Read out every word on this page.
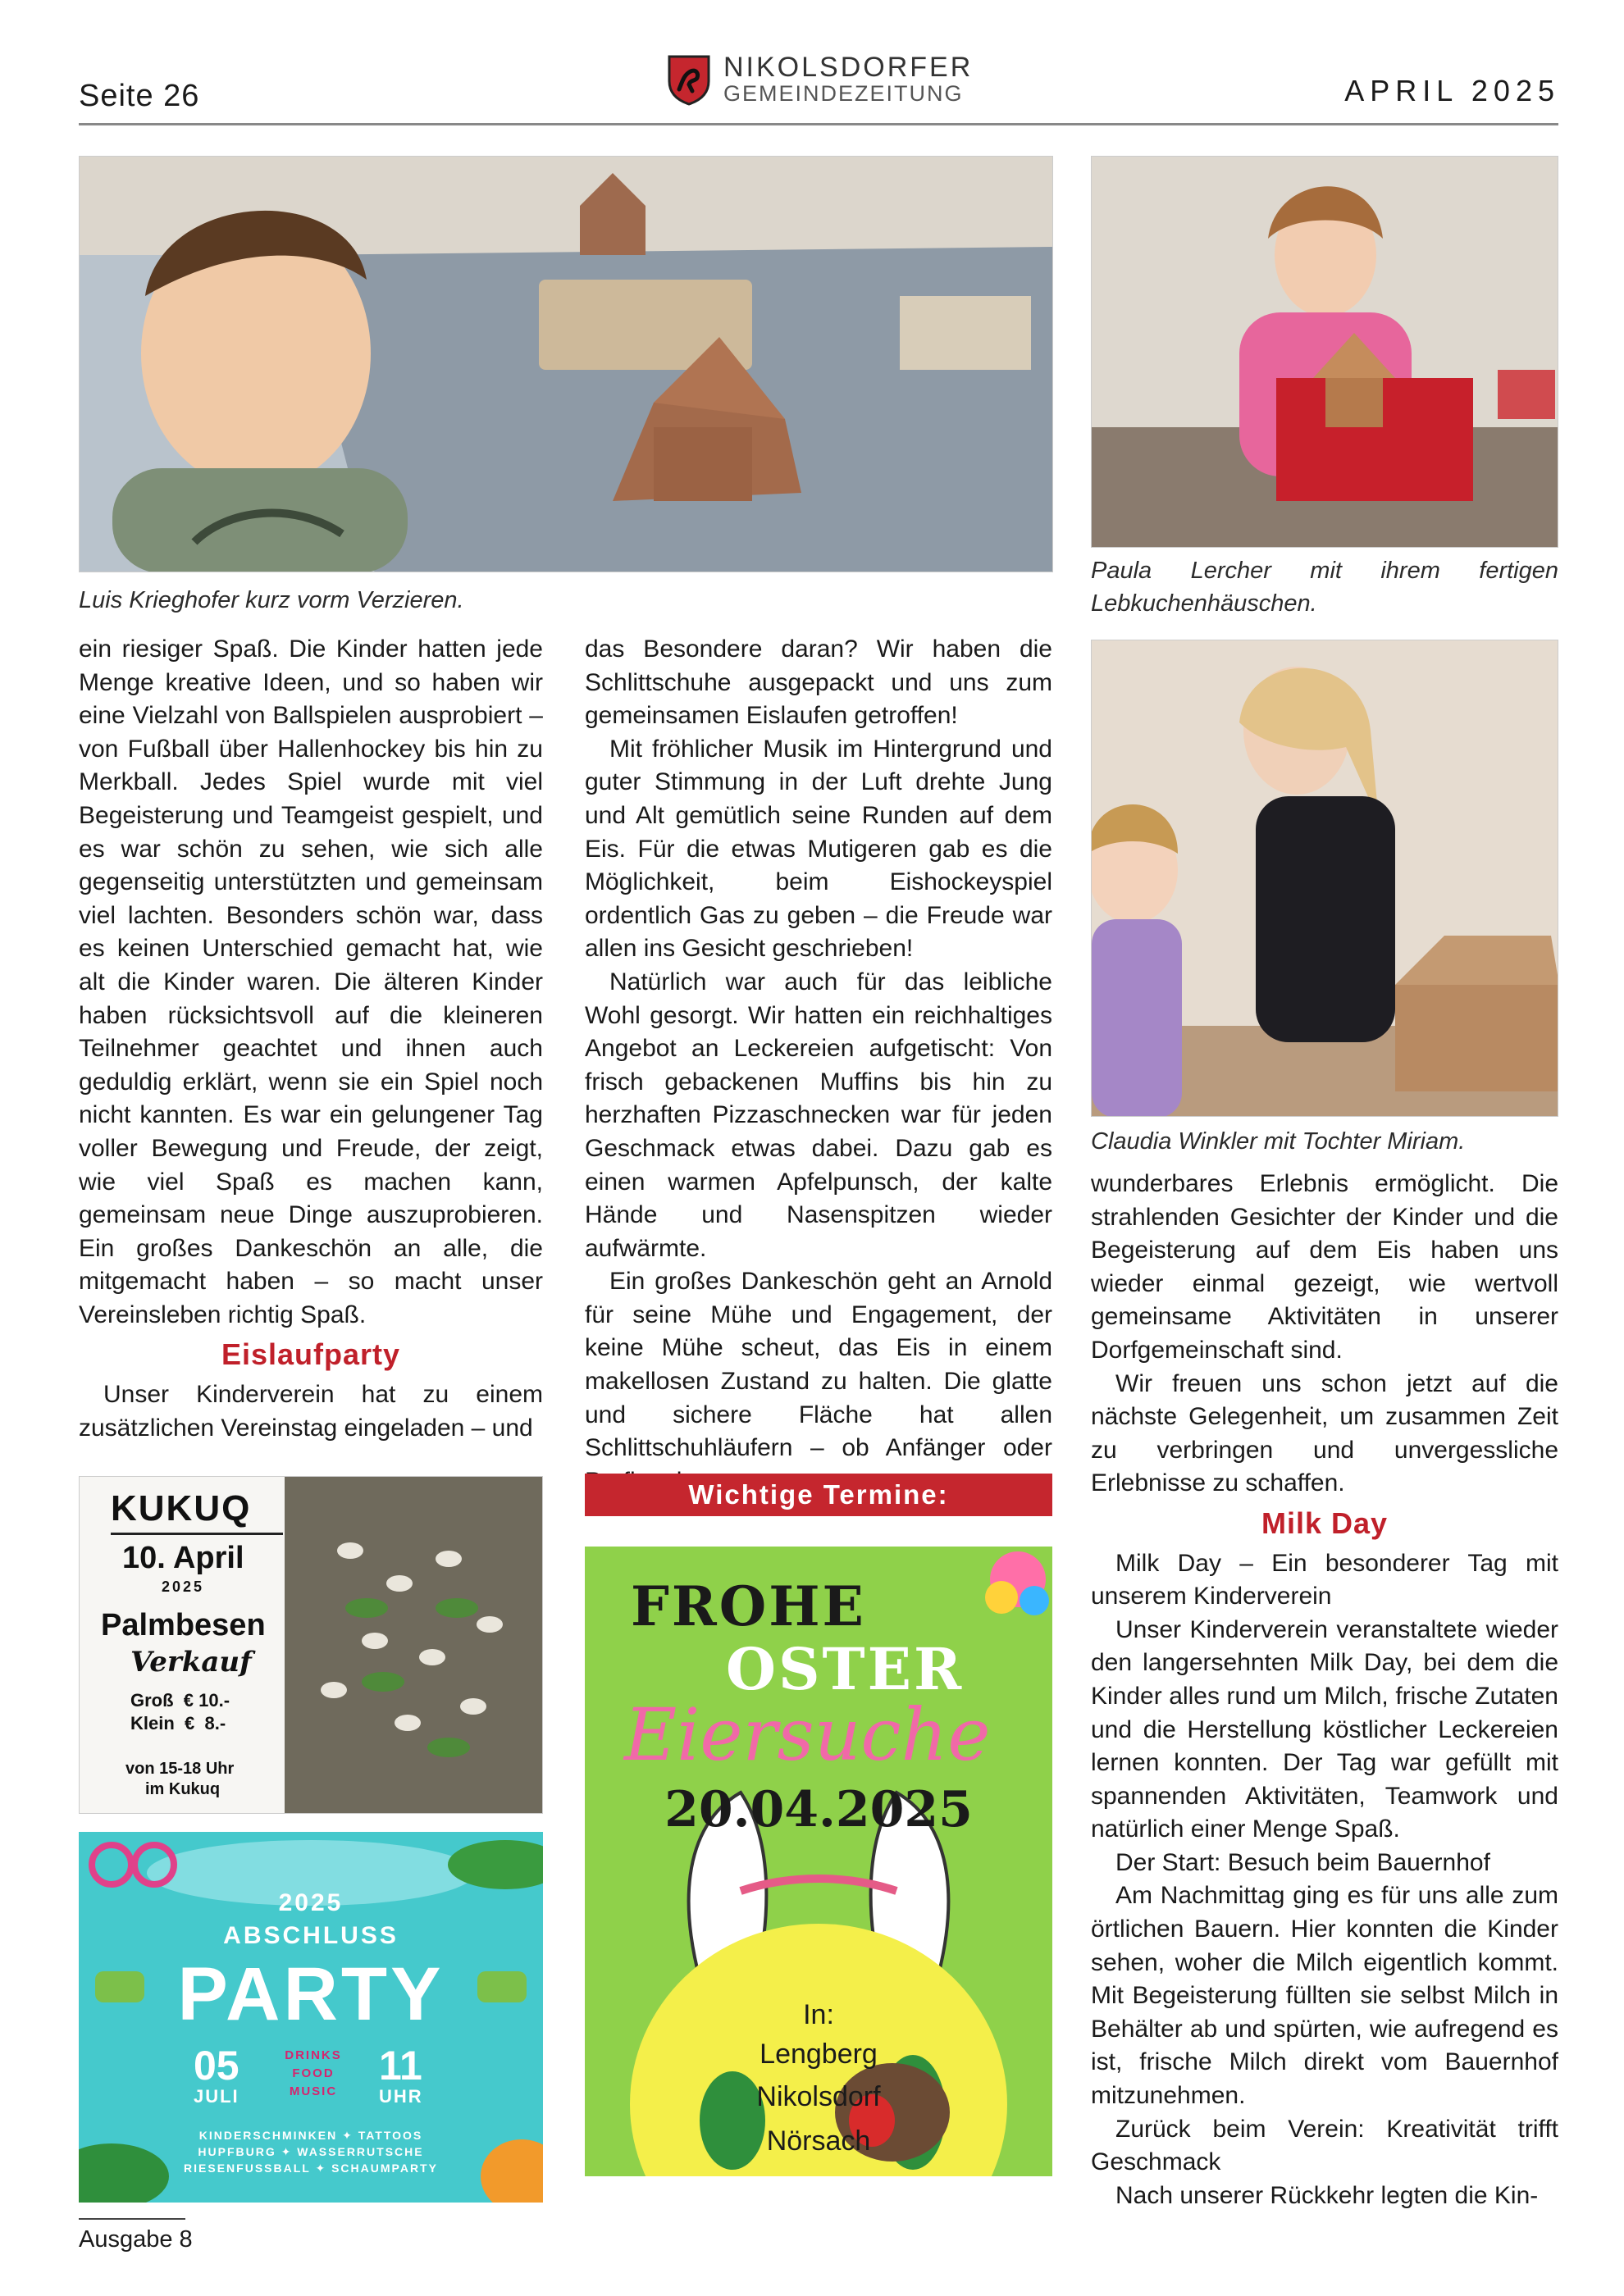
Seite 26
NIKOLSDORFER
GEMEINDEZEITUNG	APRIL 2025
Luis Krieghofer kurz vorm Verzieren.
Paula Lercher mit ihrem fertigen Lebkuchenhäuschen.
Claudia Winkler mit Tochter Miriam.

ein riesiger Spaß. Die Kinder hatten jede Menge kreative Ideen, und so haben wir eine Vielzahl von Ballspielen ausprobiert – von Fußball über Hallenhockey bis hin zu Merkball. Jedes Spiel wurde mit viel Begeisterung und Teamgeist gespielt, und es war schön zu sehen, wie sich alle gegenseitig unterstützten und gemeinsam viel lachten. Besonders schön war, dass es keinen Unterschied gemacht hat, wie alt die Kinder waren. Die älteren Kinder haben rücksichtsvoll auf die kleineren Teilnehmer geachtet und ihnen auch geduldig erklärt, wenn sie ein Spiel noch nicht kannten. Es war ein gelungener Tag voller Bewegung und Freude, der zeigt, wie viel Spaß es machen kann, gemeinsam neue Dinge auszuprobieren. Ein großes Dankeschön an alle, die mitgemacht haben – so macht unser Vereinsleben richtig Spaß.

Eislaufparty

Unser Kinderverein hat zu einem zusätzlichen Vereinstag eingeladen – und

das Besondere daran? Wir haben die Schlittschuhe ausgepackt und uns zum gemeinsamen Eislaufen getroffen!

Mit fröhlicher Musik im Hintergrund und guter Stimmung in der Luft drehte Jung und Alt gemütlich seine Runden auf dem Eis. Für die etwas Mutigeren gab es die Möglichkeit, beim Eishockeyspiel ordentlich Gas zu geben – die Freude war allen ins Gesicht geschrieben!

Natürlich war auch für das leibliche Wohl gesorgt. Wir hatten ein reichhaltiges Angebot an Leckereien aufgetischt: Von frisch gebackenen Muffins bis hin zu herzhaften Pizzaschnecken war für jeden Geschmack etwas dabei. Dazu gab es einen warmen Apfelpunsch, der kalte Hände und Nasenspitzen wieder aufwärmte.

Ein großes Dankeschön geht an Arnold für seine Mühe und Engagement, der keine Mühe scheut, das Eis in einem makellosen Zustand zu halten. Die glatte und sichere Fläche hat allen Schlittschuhläufern – ob Anfänger oder

Wichtige Termine:

wunderbares Erlebnis ermöglicht. Die strahlenden Gesichter der Kinder und die Begeisterung auf dem Eis haben uns wieder einmal gezeigt, wie wertvoll gemeinsame Aktivitäten in unserer Dorfgemeinschaft sind.

Wir freuen uns schon jetzt auf die nächste Gelegenheit, um zusammen Zeit zu verbringen und unvergessliche Erlebnisse zu schaffen.

Milk Day

Milk Day – Ein besonderer Tag mit unserem Kinderverein

Unser Kinderverein veranstaltete wieder den langersehnten Milk Day, bei dem die Kinder alles rund um Milch, frische Zutaten und die Herstellung köstlicher Leckereien lernen konnten. Der Tag war gefüllt mit spannenden Aktivitäten, Teamwork und natürlich einer Menge Spaß.

Der Start: Besuch beim Bauernhof

Am Nachmittag ging es für uns alle zum örtlichen Bauern. Hier konnten die Kinder sehen, woher die Milch eigentlich kommt. Mit Begeisterung füllten sie selbst Milch in Behälter ab und spürten, wie aufregend es ist, frische Milch direkt vom Bauernhof mitzunehmen.

Zurück beim Verein: Kreativität trifft Geschmack

Nach unserer Rückkehr legten die Kin-

KUKUQ
10. April
2025
Palmbesen
Verkauf
Groß  € 10.-
Klein  €  8.-
von 15-18 Uhr
im Kukuq
2025
ABSCHLUSS
PARTY
05
JULI
DRINKS FOOD MUSIC
11
UHR
KINDERSCHMINKEN ✦ TATTOOS
HUPFBURG ✦ WASSERRUTSCHE
RIESENFUSSBALL ✦ SCHAUMPARTY
FROHE
OSTER
Eiersuche
20.04.2025
In:
Lengberg
Nikolsdorf
Nörsach
Ausgabe 8
